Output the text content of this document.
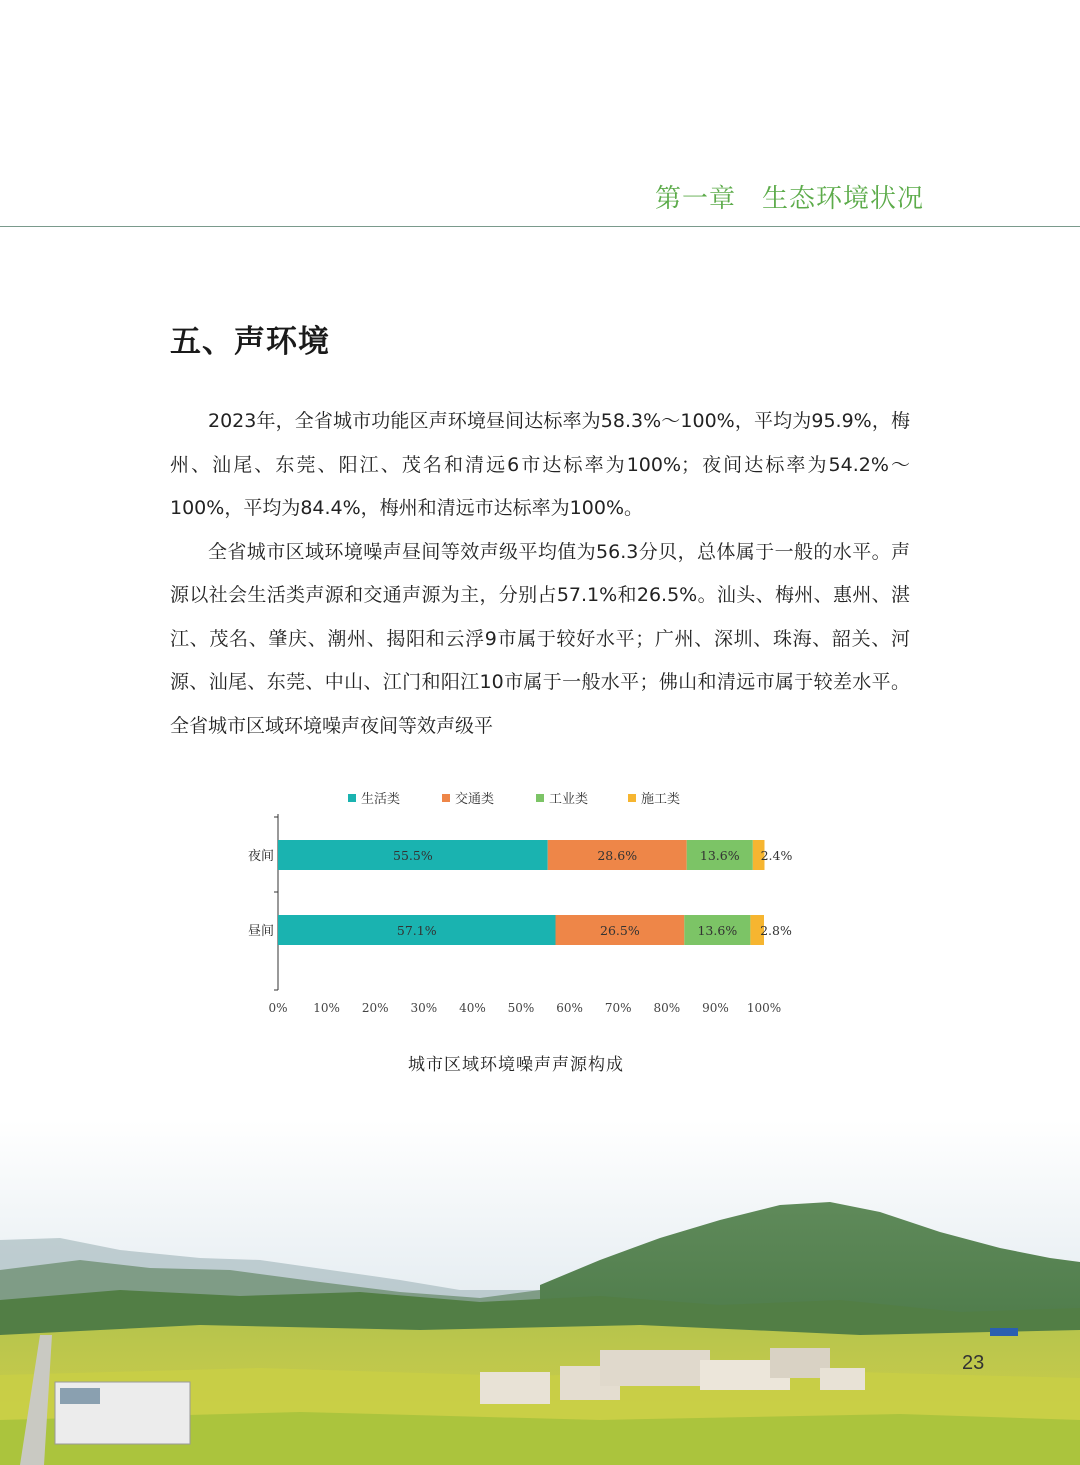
第一章 生态环境状况
五、声环境

2023年，全省城市功能区声环境昼间达标率为58.3%～100%，平均为95.9%，梅州、汕尾、东莞、阳江、茂名和清远6市达标率为100%；夜间达标率为54.2%～100%，平均为84.4%，梅州和清远市达标率为100%。

全省城市区域环境噪声昼间等效声级平均值为56.3分贝，总体属于一般的水平。声源以社会生活类声源和交通声源为主，分别占57.1%和26.5%。汕头、梅州、惠州、湛江、茂名、肇庆、潮州、揭阳和云浮9市属于较好水平；广州、深圳、珠海、韶关、河源、汕尾、东莞、中山、江门和阳江10市属于一般水平；佛山和清远市属于较差水平。全省城市区域环境噪声夜间等效声级平

生活类	交通类	工业类	施工类
夜间	55.5%	28.6%	13.6% 2.4%
昼间	57.1%	26.5%	13.6% 2.8%
0% 10% 20% 30% 40% 50% 60% 70% 80% 90% 100%
城市区域环境噪声声源构成
23
